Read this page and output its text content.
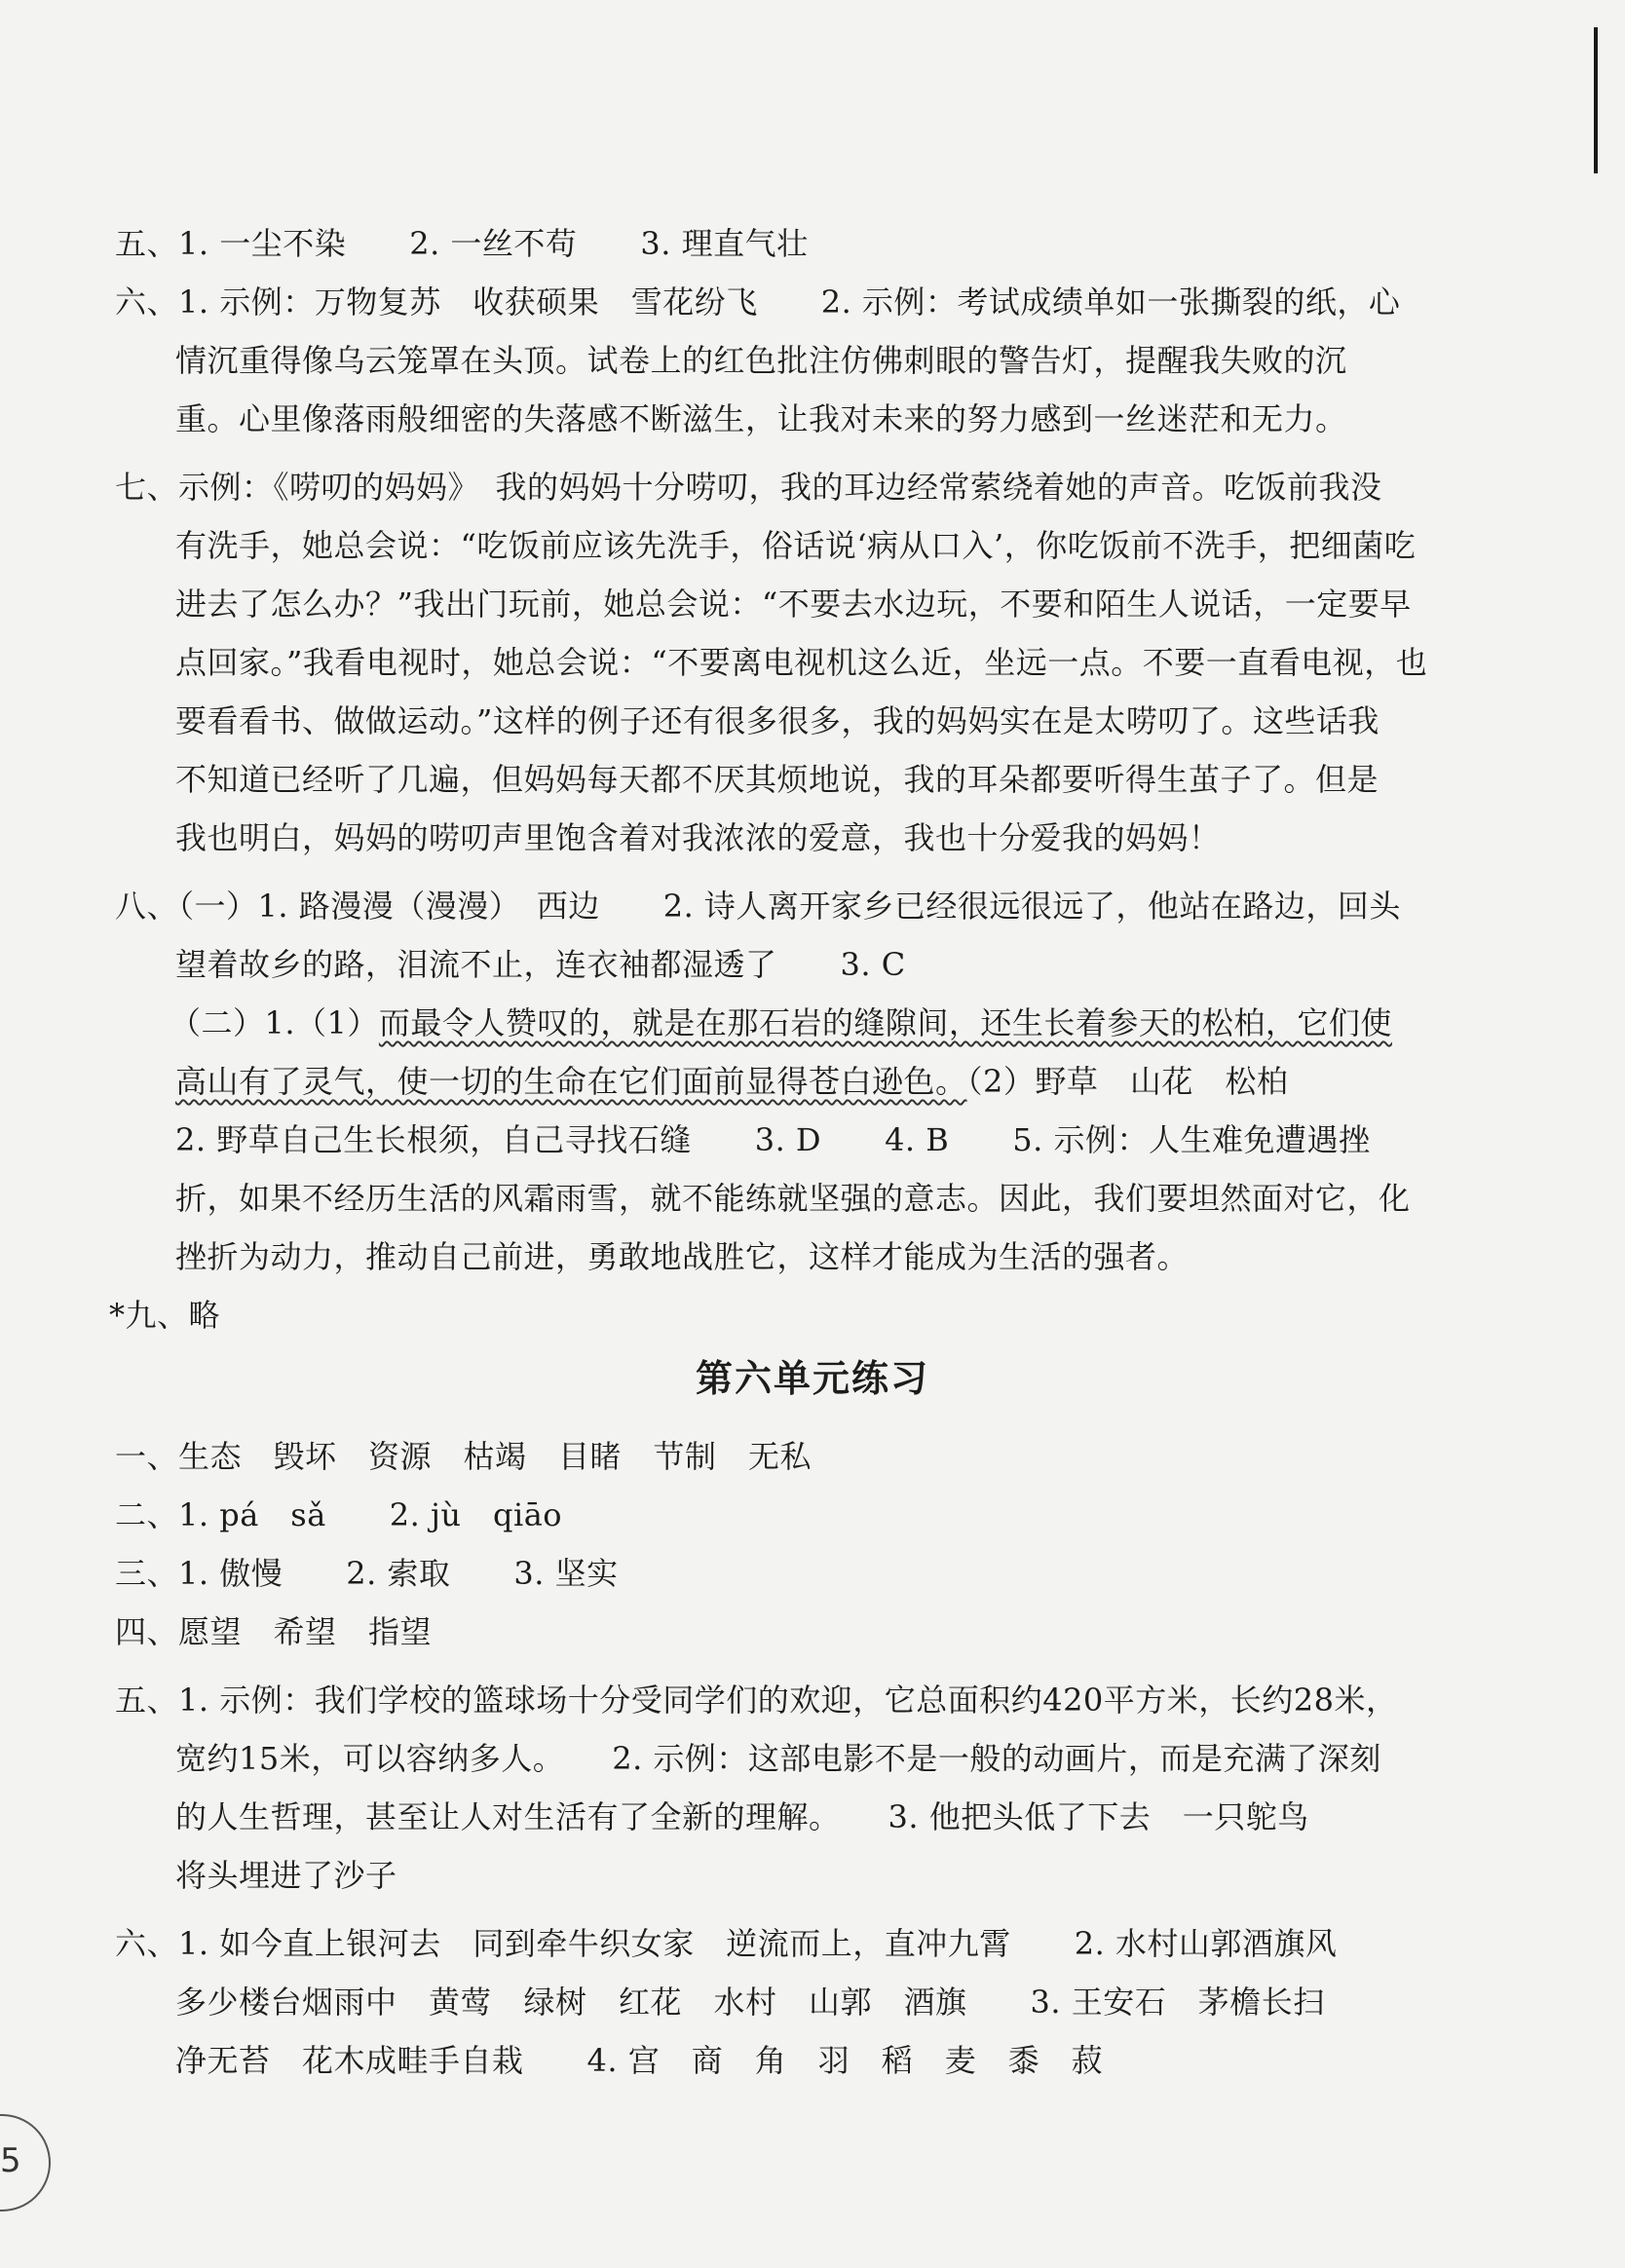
五、1. 一尘不染　　2. 一丝不苟　　3. 理直气壮
六、1. 示例：万物复苏　收获硕果　雪花纷飞　　2. 示例：考试成绩单如一张撕裂的纸，心
情沉重得像乌云笼罩在头顶。试卷上的红色批注仿佛刺眼的警告灯，提醒我失败的沉
重。心里像落雨般细密的失落感不断滋生，让我对未来的努力感到一丝迷茫和无力。
七、示例：《唠叨的妈妈》　我的妈妈十分唠叨，我的耳边经常萦绕着她的声音。吃饭前我没
有洗手，她总会说：“吃饭前应该先洗手，俗话说‘病从口入’，你吃饭前不洗手，把细菌吃
进去了怎么办？”我出门玩前，她总会说：“不要去水边玩，不要和陌生人说话，一定要早
点回家。”我看电视时，她总会说：“不要离电视机这么近，坐远一点。不要一直看电视，也
要看看书、做做运动。”这样的例子还有很多很多，我的妈妈实在是太唠叨了。这些话我
不知道已经听了几遍，但妈妈每天都不厌其烦地说，我的耳朵都要听得生茧子了。但是
我也明白，妈妈的唠叨声里饱含着对我浓浓的爱意，我也十分爱我的妈妈！
八、（一）1. 路漫漫（漫漫）　西边　　2. 诗人离开家乡已经很远很远了，他站在路边，回头
望着故乡的路，泪流不止，连衣袖都湿透了　　3. C
（二）1.（1）而最令人赞叹的，就是在那石岩的缝隙间，还生长着参天的松柏，它们使
高山有了灵气，使一切的生命在它们面前显得苍白逊色。（2）野草　山花　松柏
2. 野草自己生长根须，自己寻找石缝　　3. D　　4. B　　5. 示例：人生难免遭遇挫
折，如果不经历生活的风霜雨雪，就不能练就坚强的意志。因此，我们要坦然面对它，化
挫折为动力，推动自己前进，勇敢地战胜它，这样才能成为生活的强者。
*九、略
第六单元练习
一、生态　毁坏　资源　枯竭　目睹　节制　无私
二、1. pá　sǎ　　2. jù　qiāo
三、1. 傲慢　　2. 索取　　3. 坚实
四、愿望　希望　指望
五、1. 示例：我们学校的篮球场十分受同学们的欢迎，它总面积约420平方米，长约28米，
宽约15米，可以容纳多人。　　2. 示例：这部电影不是一般的动画片，而是充满了深刻
的人生哲理，甚至让人对生活有了全新的理解。　　3. 他把头低了下去　一只鸵鸟
将头埋进了沙子
六、1. 如今直上银河去　同到牵牛织女家　逆流而上，直冲九霄　　2. 水村山郭酒旗风
多少楼台烟雨中　黄莺　绿树　红花　水村　山郭　酒旗　　3. 王安石　茅檐长扫
净无苔　花木成畦手自栽　　4. 宫　商　角　羽　稻　麦　黍　菽
5
